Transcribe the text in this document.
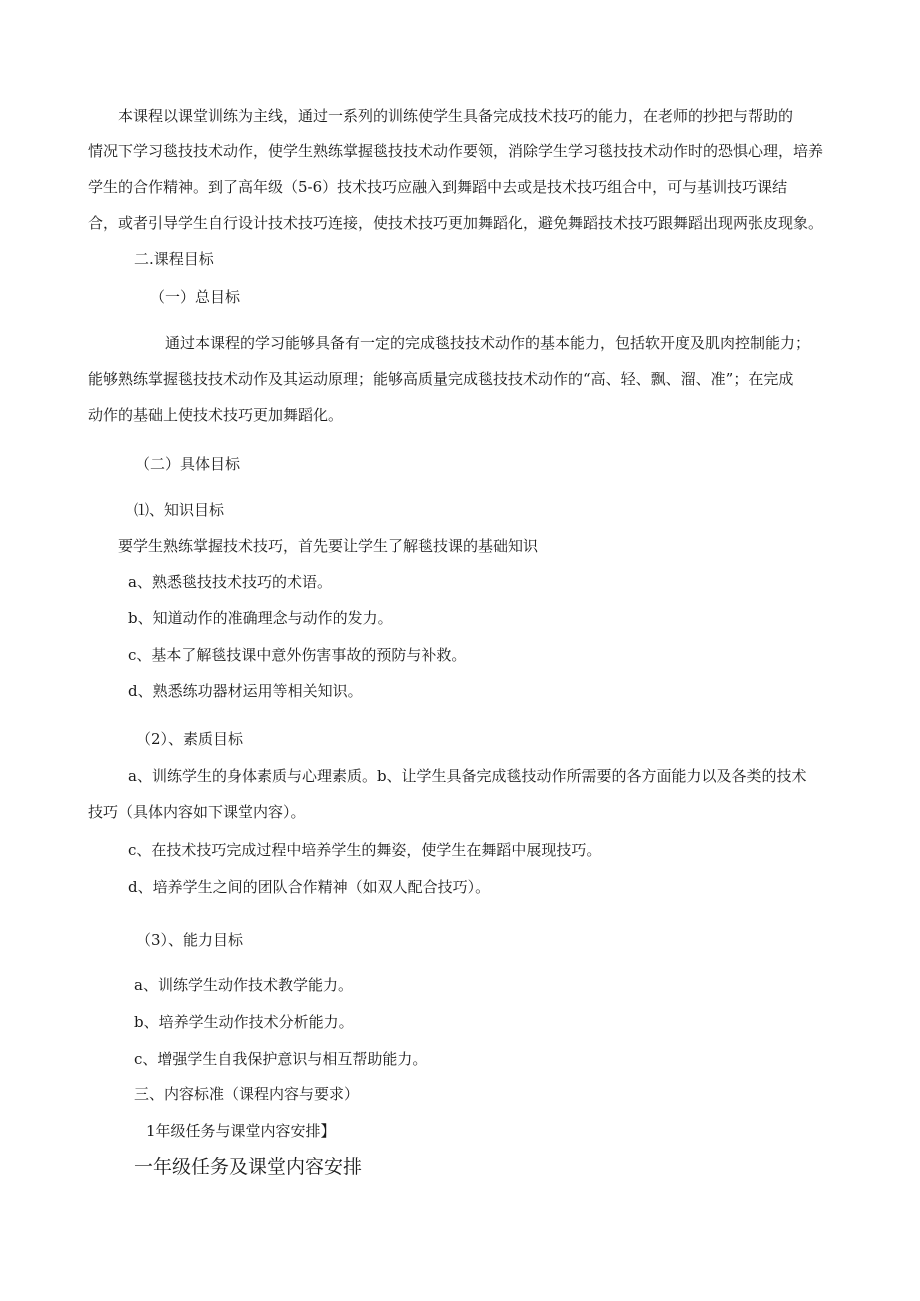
本课程以课堂训练为主线，通过一系列的训练使学生具备完成技术技巧的能力，在老师的抄把与帮助的
情况下学习毯技技术动作，使学生熟练掌握毯技技术动作要领，消除学生学习毯技技术动作时的恐惧心理，培养
学生的合作精神。到了高年级（5-6）技术技巧应融入到舞蹈中去或是技术技巧组合中，可与基训技巧课结
合，或者引导学生自行设计技术技巧连接，使技术技巧更加舞蹈化，避免舞蹈技术技巧跟舞蹈出现两张皮现象。
二.课程目标
（一）总目标
通过本课程的学习能够具备有一定的完成毯技技术动作的基本能力，包括软开度及肌肉控制能力；
能够熟练掌握毯技技术动作及其运动原理；能够高质量完成毯技技术动作的“高、轻、飘、溜、准”；在完成
动作的基础上使技术技巧更加舞蹈化。
（二）具体目标
⑴、知识目标
要学生熟练掌握技术技巧，首先要让学生了解毯技课的基础知识
a、熟悉毯技技术技巧的术语。
b、知道动作的准确理念与动作的发力。
c、基本了解毯技课中意外伤害事故的预防与补救。
d、熟悉练功器材运用等相关知识。
（2）、素质目标
a、训练学生的身体素质与心理素质。b、让学生具备完成毯技动作所需要的各方面能力以及各类的技术
技巧（具体内容如下课堂内容）。
c、在技术技巧完成过程中培养学生的舞姿，使学生在舞蹈中展现技巧。
d、培养学生之间的团队合作精神（如双人配合技巧）。
（3）、能力目标
a、训练学生动作技术教学能力。
b、培养学生动作技术分析能力。
c、增强学生自我保护意识与相互帮助能力。
三、内容标准（课程内容与要求）
1年级任务与课堂内容安排】
一年级任务及课堂内容安排
